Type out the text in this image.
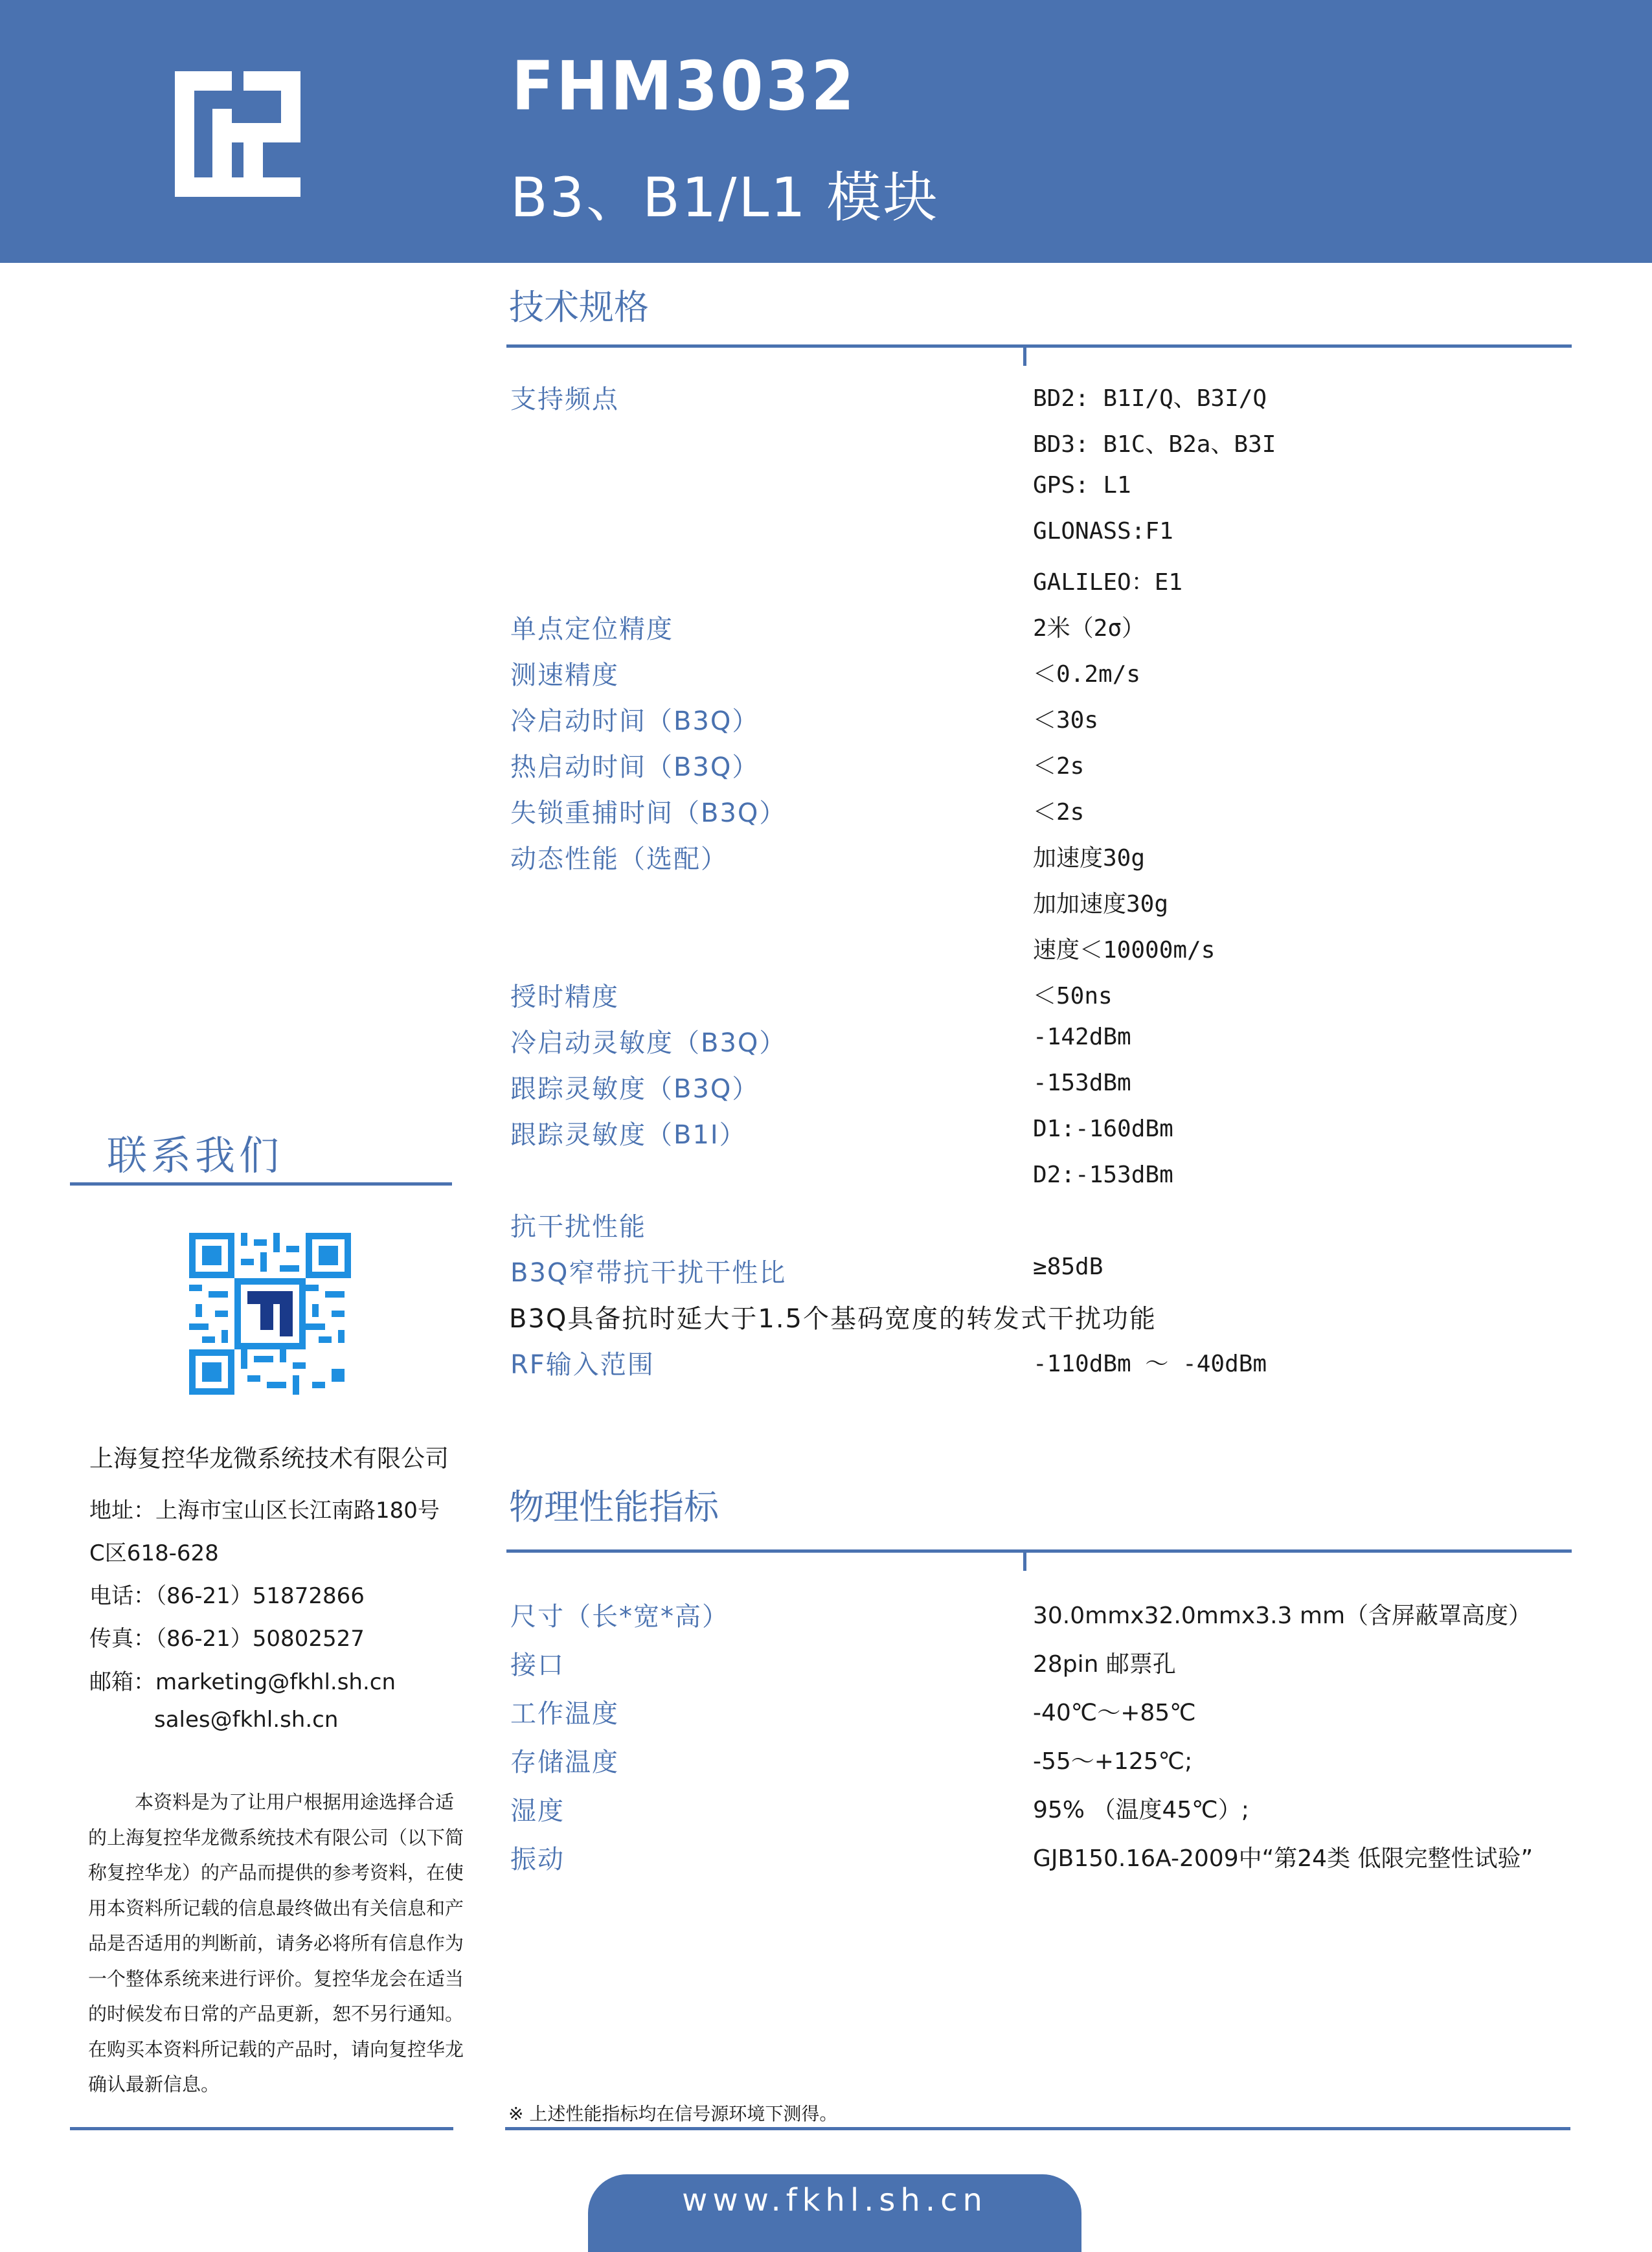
FHM3032
B3、B1/L1 模块
技术规格
支持频点	BD2: B1I/Q、B3I/Q
BD3: B1C、B2a、B3I
GPS: L1
GLONASS:F1
GALILEO：E1
单点定位精度	2米（2σ）
测速精度	＜0.2m/s
冷启动时间（B3Q）	＜30s
热启动时间（B3Q）	＜2s
失锁重捕时间（B3Q）	＜2s
动态性能（选配）	加速度30g
加加速度30g
速度＜10000m/s
授时精度	＜50ns
冷启动灵敏度（B3Q）	-142dBm
跟踪灵敏度（B3Q）	-153dBm
跟踪灵敏度（B1I）	D1:-160dBm
D2:-153dBm
抗干扰性能
B3Q窄带抗干扰干性比	≥85dB
RF输入范围	-110dBm ～ -40dBm
B3Q具备抗时延大于1.5个基码宽度的转发式干扰功能
物理性能指标
尺寸（长*宽*高）	30.0mmx32.0mmx3.3 mm（含屏蔽罩高度）
接口	28pin 邮票孔
工作温度	-40℃～+85℃
存储温度	-55～+125℃;
湿度	95% （温度45℃）;
振动	GJB150.16A-2009中“第24类 低限完整性试验”
联系我们
上海复控华龙微系统技术有限公司
地址：上海市宝山区长江南路180号
C区618-628
电话：（86-21）51872866
传真：（86-21）50802527
邮箱：marketing@fkhl.sh.cn
sales@fkhl.sh.cn
本资料是为了让用户根据用途选择合适的上海复控华龙微系统技术有限公司（以下简称复控华龙）的产品而提供的参考资料，在使用本资料所记载的信息最终做出有关信息和产品是否适用的判断前，请务必将所有信息作为一个整体系统来进行评价。复控华龙会在适当的时候发布日常的产品更新，恕不另行通知。在购买本资料所记载的产品时，请向复控华龙确认最新信息。
※ 上述性能指标均在信号源环境下测得。
www.fkhl.sh.cn
